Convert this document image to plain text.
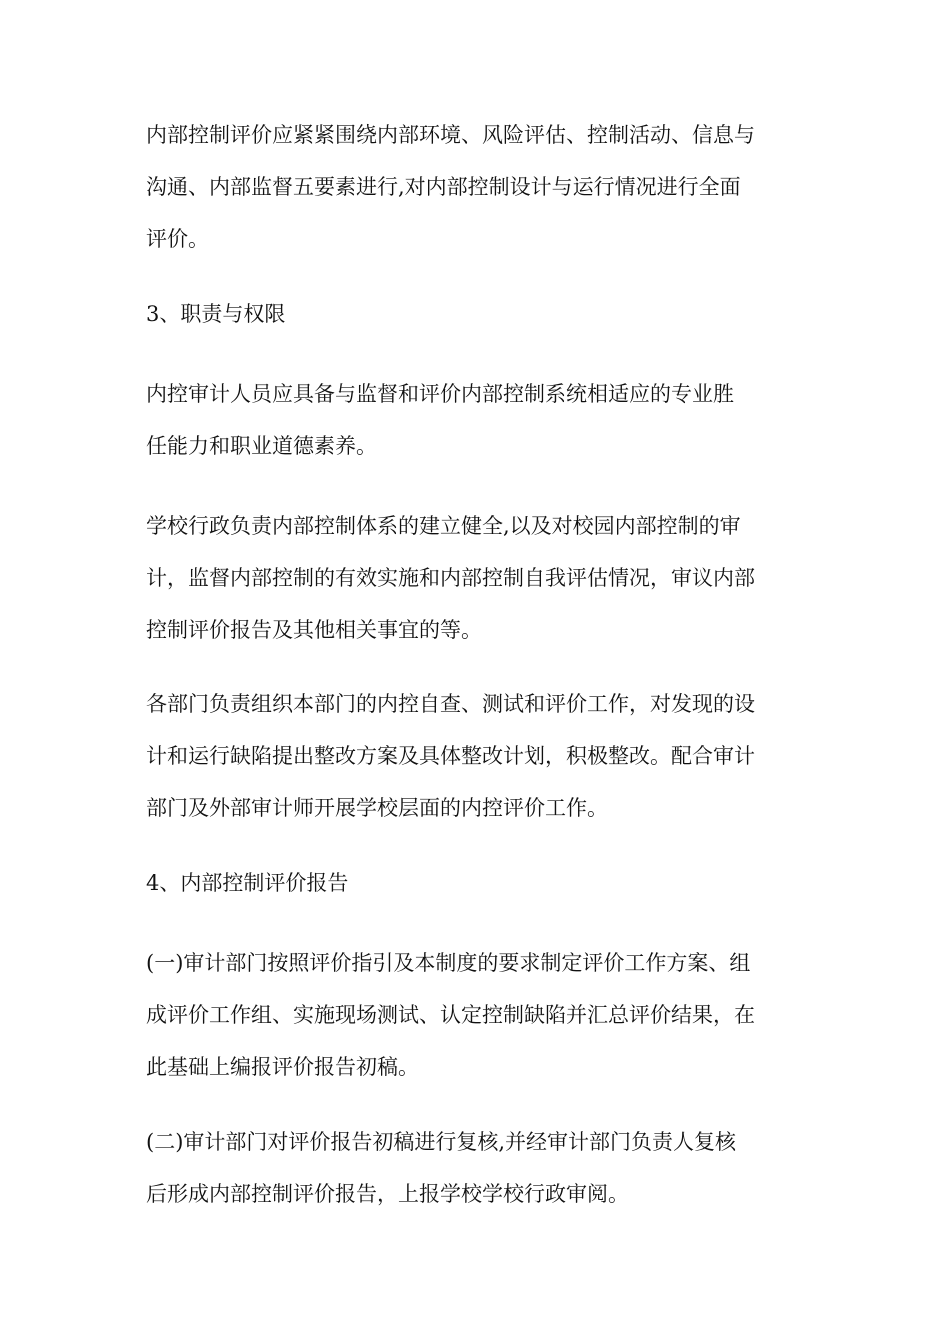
内部控制评价应紧紧围绕内部环境、风险评估、控制活动、信息与
沟通、内部监督五要素进行,对内部控制设计与运行情况进行全面
评价。
3、职责与权限
内控审计人员应具备与监督和评价内部控制系统相适应的专业胜
任能力和职业道德素养。
学校行政负责内部控制体系的建立健全,以及对校园内部控制的审
计，监督内部控制的有效实施和内部控制自我评估情况，审议内部
控制评价报告及其他相关事宜的等。
各部门负责组织本部门的内控自查、测试和评价工作，对发现的设
计和运行缺陷提出整改方案及具体整改计划，积极整改。配合审计
部门及外部审计师开展学校层面的内控评价工作。
4、内部控制评价报告
(一)审计部门按照评价指引及本制度的要求制定评价工作方案、组
成评价工作组、实施现场测试、认定控制缺陷并汇总评价结果，在
此基础上编报评价报告初稿。
(二)审计部门对评价报告初稿进行复核,并经审计部门负责人复核
后形成内部控制评价报告，上报学校学校行政审阅。
